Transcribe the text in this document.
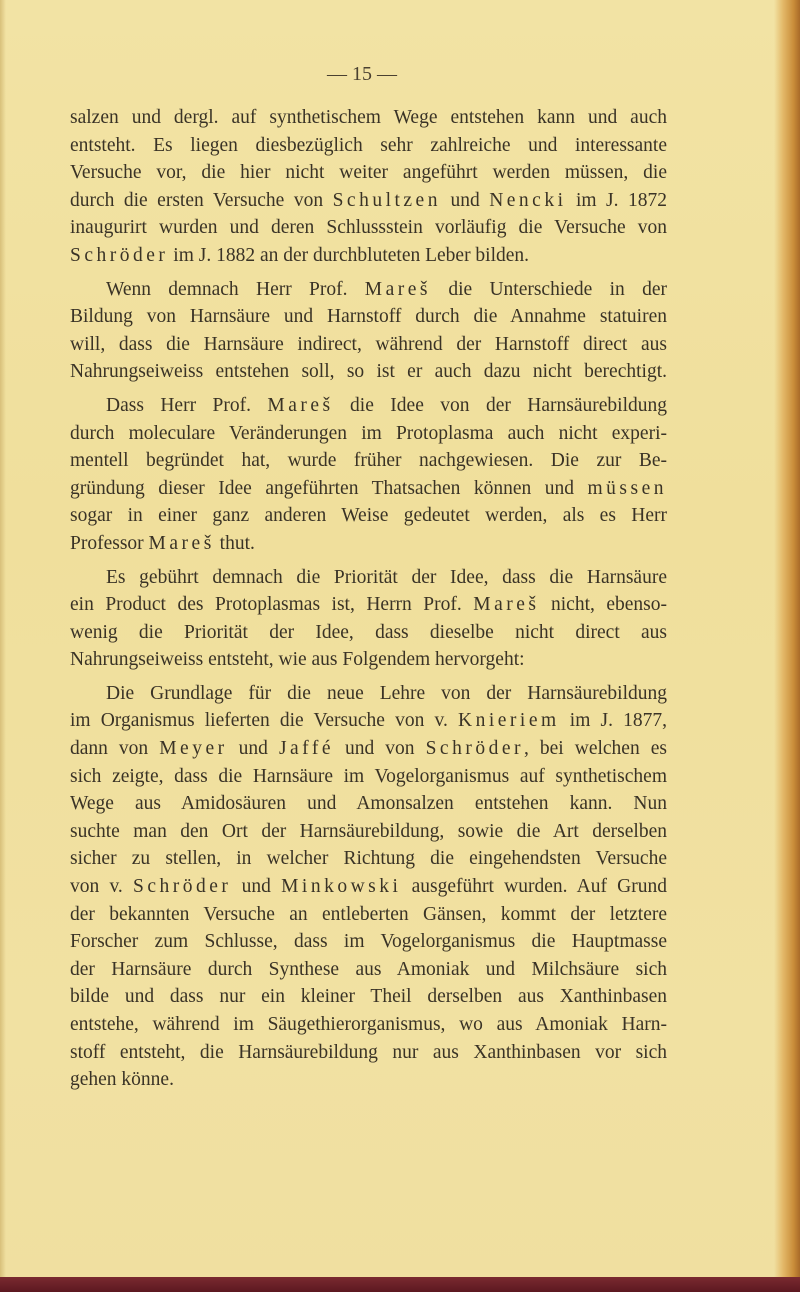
— 15 —
salzen und dergl. auf synthetischem Wege entstehen kann und auch
entsteht. Es liegen diesbezüglich sehr zahlreiche und interessante
Versuche vor, die hier nicht weiter angeführt werden müssen, die
durch die ersten Versuche von Schultzen und Nencki im J. 1872
inaugurirt wurden und deren Schlussstein vorläufig die Versuche von
Schröder im J. 1882 an der durchbluteten Leber bilden.
Wenn demnach Herr Prof. Mareš die Unterschiede in der
Bildung von Harnsäure und Harnstoff durch die Annahme statuiren
will, dass die Harnsäure indirect, während der Harnstoff direct aus
Nahrungseiweiss entstehen soll, so ist er auch dazu nicht berechtigt.
Dass Herr Prof. Mareš die Idee von der Harnsäurebildung
durch moleculare Veränderungen im Protoplasma auch nicht experi-
mentell begründet hat, wurde früher nachgewiesen. Die zur Be-
gründung dieser Idee angeführten Thatsachen können und müssen
sogar in einer ganz anderen Weise gedeutet werden, als es Herr
Professor Mareš thut.
Es gebührt demnach die Priorität der Idee, dass die Harnsäure
ein Product des Protoplasmas ist, Herrn Prof. Mareš nicht, ebenso-
wenig die Priorität der Idee, dass dieselbe nicht direct aus
Nahrungseiweiss entsteht, wie aus Folgendem hervorgeht:
Die Grundlage für die neue Lehre von der Harnsäurebildung
im Organismus lieferten die Versuche von v. Knieriem im J. 1877,
dann von Meyer und Jaffé und von Schröder, bei welchen es
sich zeigte, dass die Harnsäure im Vogelorganismus auf synthetischem
Wege aus Amidosäuren und Amonsalzen entstehen kann. Nun
suchte man den Ort der Harnsäurebildung, sowie die Art derselben
sicher zu stellen, in welcher Richtung die eingehendsten Versuche
von v. Schröder und Minkowski ausgeführt wurden. Auf Grund
der bekannten Versuche an entleberten Gänsen, kommt der letztere
Forscher zum Schlusse, dass im Vogelorganismus die Hauptmasse
der Harnsäure durch Synthese aus Amoniak und Milchsäure sich
bilde und dass nur ein kleiner Theil derselben aus Xanthinbasen
entstehe, während im Säugethierorganismus, wo aus Amoniak Harn-
stoff entsteht, die Harnsäurebildung nur aus Xanthinbasen vor sich
gehen könne.
